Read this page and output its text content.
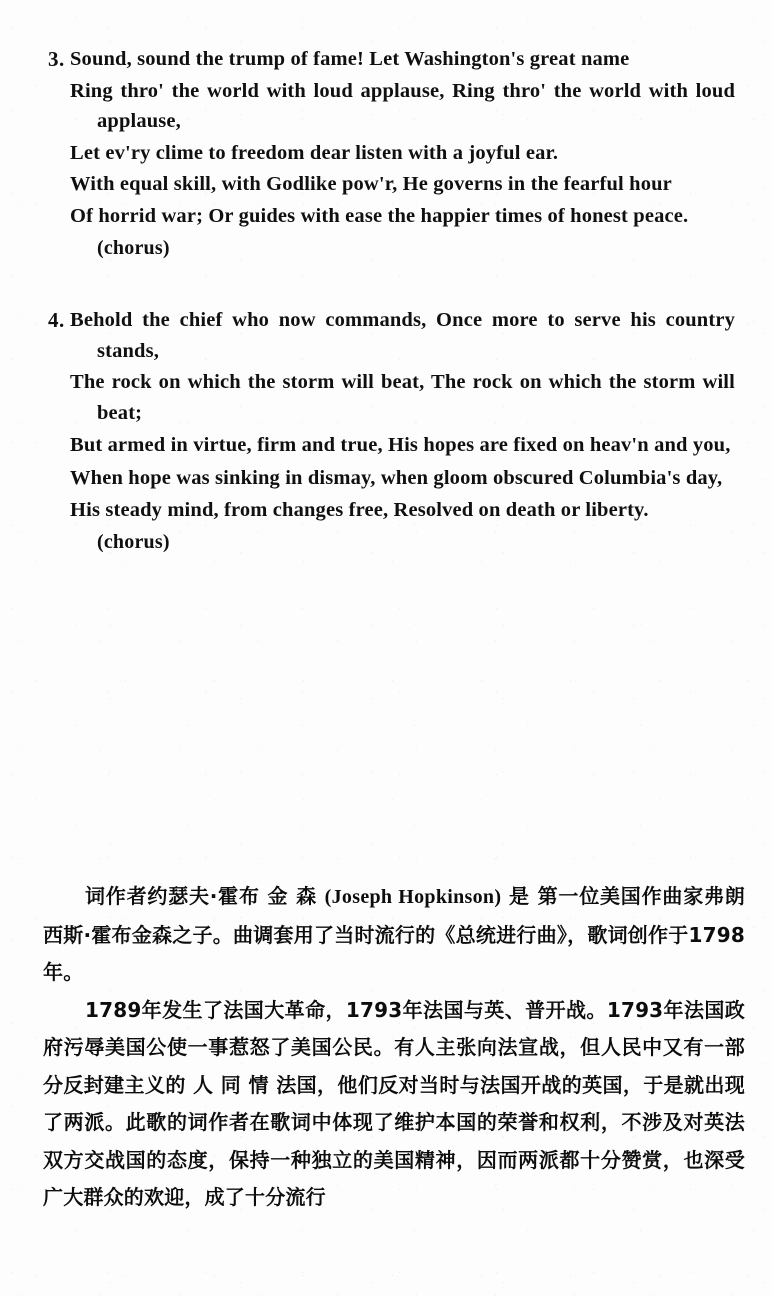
3. Sound, sound the trump of fame! Let Washington's great name

Ring thro' the world with loud applause, Ring thro' the world with loud applause,

Let ev'ry clime to freedom dear listen with a joyful ear.

With equal skill, with Godlike pow'r, He governs in the fearful hour

Of horrid war; Or guides with ease the happier times of honest peace.

(chorus)
4. Behold the chief who now commands, Once more to serve his country stands,

The rock on which the storm will beat, The rock on which the storm will beat;

But armed in virtue, firm and true, His hopes are fixed on heav'n and you,

When hope was sinking in dismay, when gloom obscured Columbia's day,

His steady mind, from changes free, Resolved on death or liberty.

(chorus)

词作者约瑟夫·霍布 金 森 (Joseph Hopkinson) 是 第一位美国作曲家弗朗西斯·霍布金森之子。曲调套用了当时流行的《总统进行曲》，歌词创作于1798年。

1789年发生了法国大革命，1793年法国与英、普开战。1793年法国政府污辱美国公使一事惹怒了美国公民。有人主张向法宣战，但人民中又有一部分反封建主义的 人 同 情 法国，他们反对当时与法国开战的英国，于是就出现了两派。此歌的词作者在歌词中体现了维护本国的荣誉和权利，不涉及对英法双方交战国的态度，保持一种独立的美国精神，因而两派都十分赞赏，也深受广大群众的欢迎，成了十分流行
